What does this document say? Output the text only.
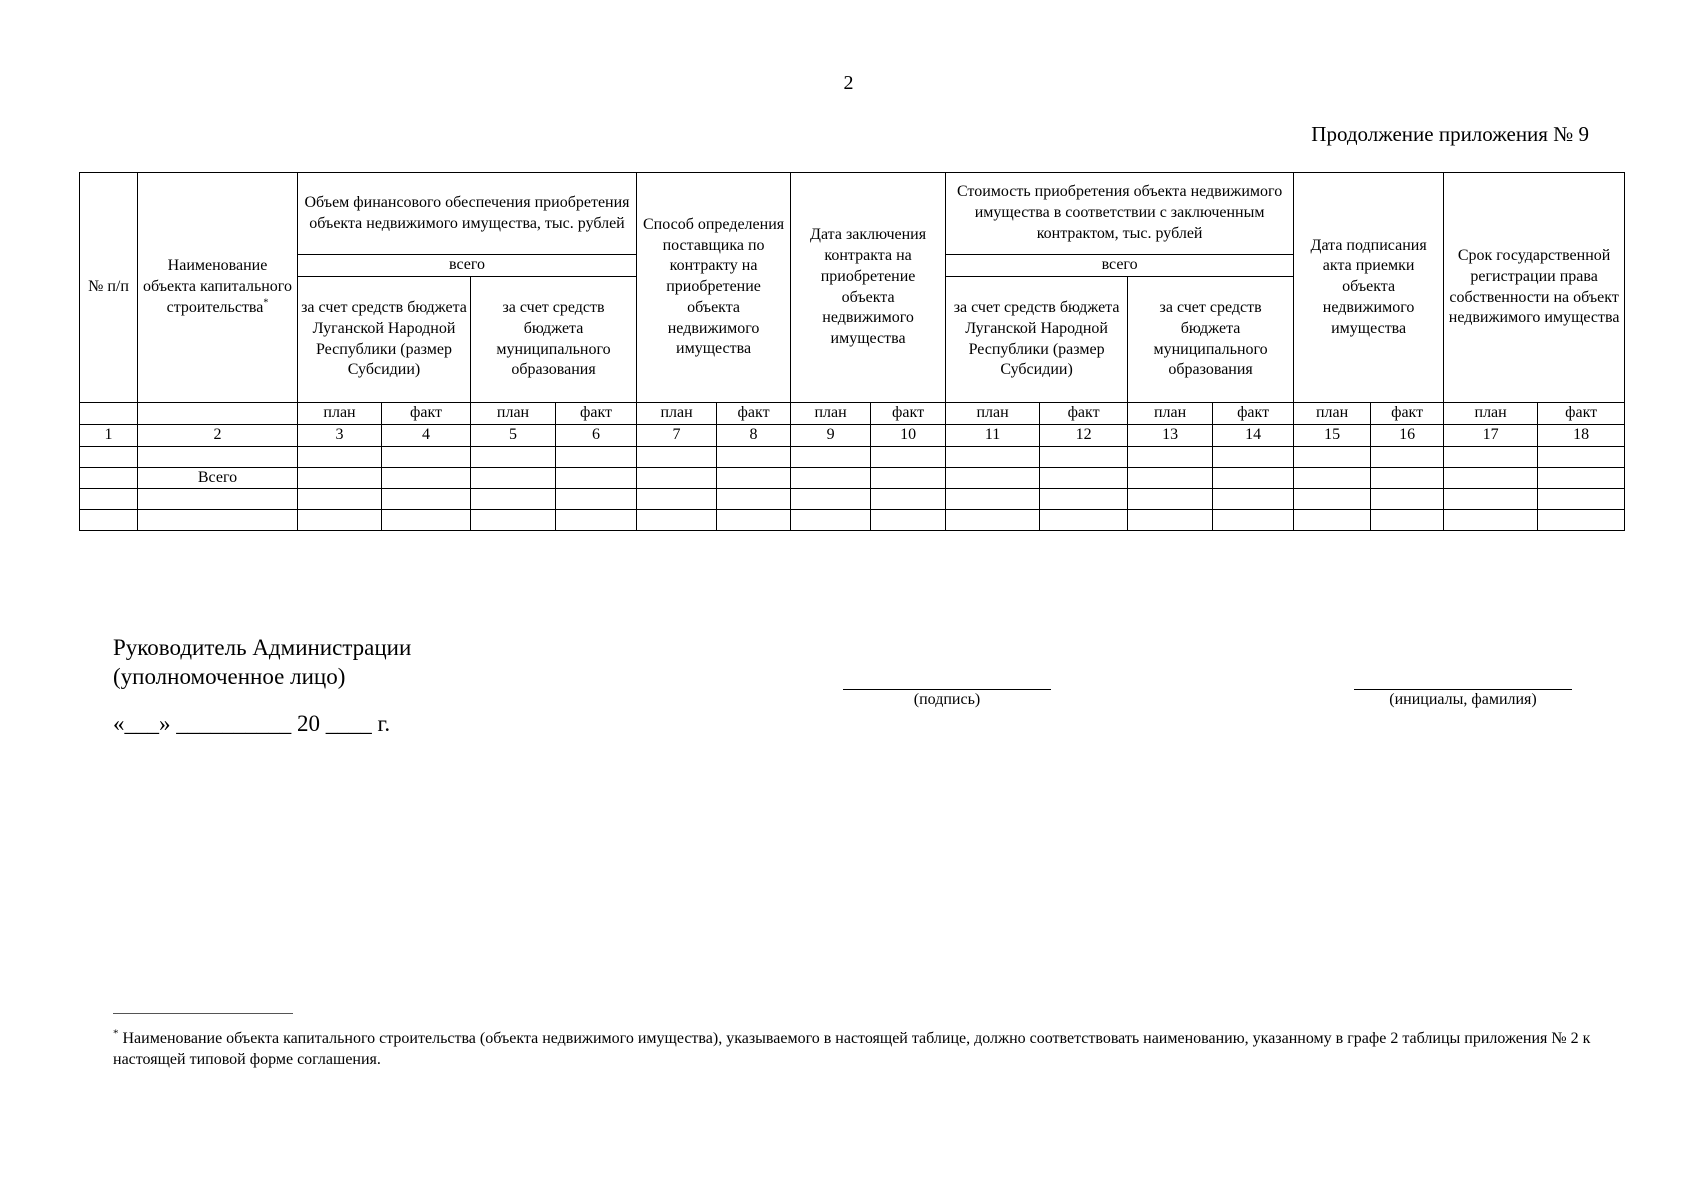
2
Продолжение приложения № 9
№ п/п	Наименование объекта капитального строительства*	Объем финансового обеспечения приобретения объекта недвижимого имущества, тыс. рублей				Способ определения поставщика по контракту на приобретение объекта недвижимого имущества		Дата заключения контракта на приобретение объекта недвижимого имущества		Стоимость приобретения объекта недвижимого имущества в соответствии с заключенным контрактом, тыс. рублей				Дата подписания акта приемки объекта недвижимого имущества		Срок государственной регистрации права собственности на объект недвижимого имущества	
		всего								всего							
		за счет средств бюджета Луганской Народной Республики (размер Субсидии)		за счет средств бюджета муниципального образования						за счет средств бюджета Луганской Народной Республики (размер Субсидии)		за счет средств бюджета муниципального образования					
		план	факт	план	факт	план	факт	план	факт	план	факт	план	факт	план	факт	план	факт
1	2	3	4	5	6	7	8	9	10	11	12	13	14	15	16	17	18

	Всего																

Руководитель Администрации
(уполномоченное лицо)
«___» __________ 20 ____ г.
(подпись)	(инициалы, фамилия)
* Наименование объекта капитального строительства (объекта недвижимого имущества), указываемого в настоящей таблице, должно соответствовать наименованию, указанному в графе 2 таблицы приложения № 2 к настоящей типовой форме соглашения.
